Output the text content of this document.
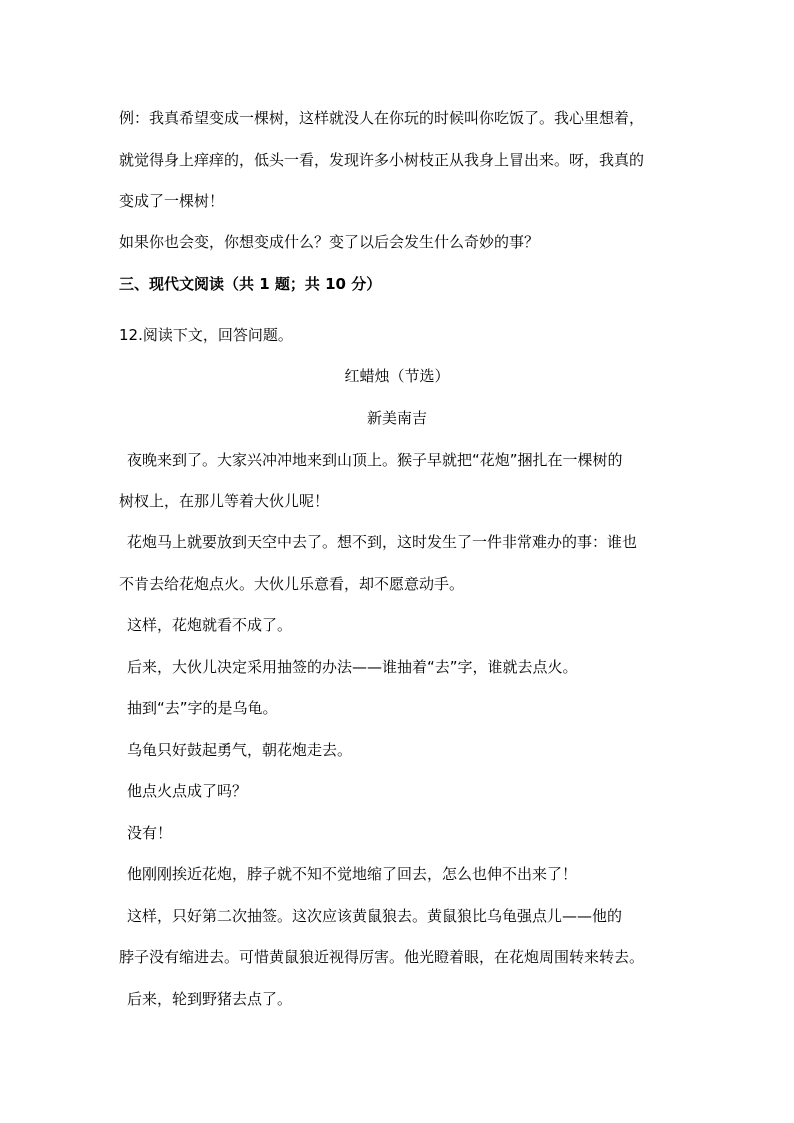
例：我真希望变成一棵树，这样就没人在你玩的时候叫你吃饭了。我心里想着，
就觉得身上痒痒的，低头一看，发现许多小树枝正从我身上冒出来。呀，我真的
变成了一棵树！
如果你也会变，你想变成什么？变了以后会发生什么奇妙的事？
三、现代文阅读（共 1 题；共 10 分）
12.阅读下文，回答问题。
红蜡烛（节选）
新美南吉
夜晚来到了。大家兴冲冲地来到山顶上。猴子早就把“花炮”捆扎在一棵树的
树杈上，在那儿等着大伙儿呢！
花炮马上就要放到天空中去了。想不到，这时发生了一件非常难办的事：谁也
不肯去给花炮点火。大伙儿乐意看，却不愿意动手。
这样，花炮就看不成了。
后来，大伙儿决定采用抽签的办法——谁抽着“去”字，谁就去点火。
抽到“去”字的是乌龟。
乌龟只好鼓起勇气，朝花炮走去。
他点火点成了吗？
没有！
他刚刚挨近花炮，脖子就不知不觉地缩了回去，怎么也伸不出来了！
这样，只好第二次抽签。这次应该黄鼠狼去。黄鼠狼比乌龟强点儿——他的
脖子没有缩进去。可惜黄鼠狼近视得厉害。他光瞪着眼，在花炮周围转来转去。
后来，轮到野猪去点了。
